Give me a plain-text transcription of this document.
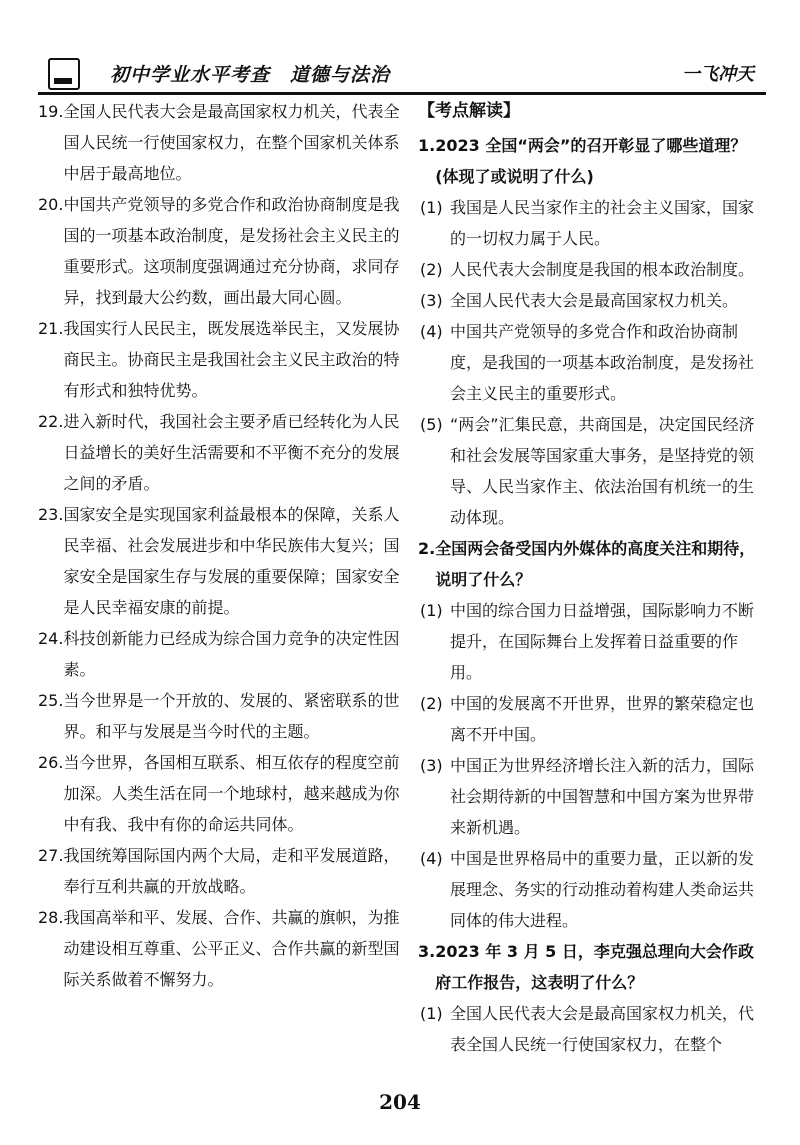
初中学业水平考查　道德与法治	一飞冲天
19. 全国人民代表大会是最高国家权力机关，代表全国人民统一行使国家权力，在整个国家机关体系中居于最高地位。
20. 中国共产党领导的多党合作和政治协商制度是我国的一项基本政治制度，是发扬社会主义民主的重要形式。这项制度强调通过充分协商，求同存异，找到最大公约数，画出最大同心圆。
21. 我国实行人民民主，既发展选举民主，又发展协商民主。协商民主是我国社会主义民主政治的特有形式和独特优势。
22. 进入新时代，我国社会主要矛盾已经转化为人民日益增长的美好生活需要和不平衡不充分的发展之间的矛盾。
23. 国家安全是实现国家利益最根本的保障，关系人民幸福、社会发展进步和中华民族伟大复兴；国家安全是国家生存与发展的重要保障；国家安全是人民幸福安康的前提。
24. 科技创新能力已经成为综合国力竞争的决定性因素。
25. 当今世界是一个开放的、发展的、紧密联系的世界。和平与发展是当今时代的主题。
26. 当今世界，各国相互联系、相互依存的程度空前加深。人类生活在同一个地球村，越来越成为你中有我、我中有你的命运共同体。
27. 我国统筹国际国内两个大局，走和平发展道路，奉行互利共赢的开放战略。
28. 我国高举和平、发展、合作、共赢的旗帜，为推动建设相互尊重、公平正义、合作共赢的新型国际关系做着不懈努力。
【考点解读】
1. 2023 全国“两会”的召开彰显了哪些道理？(体现了或说明了什么)
(1) 我国是人民当家作主的社会主义国家，国家的一切权力属于人民。
(2) 人民代表大会制度是我国的根本政治制度。
(3) 全国人民代表大会是最高国家权力机关。
(4) 中国共产党领导的多党合作和政治协商制度，是我国的一项基本政治制度，是发扬社会主义民主的重要形式。
(5) “两会”汇集民意，共商国是，决定国民经济和社会发展等国家重大事务，是坚持党的领导、人民当家作主、依法治国有机统一的生动体现。
2. 全国两会备受国内外媒体的高度关注和期待，说明了什么？
(1) 中国的综合国力日益增强，国际影响力不断提升，在国际舞台上发挥着日益重要的作用。
(2) 中国的发展离不开世界，世界的繁荣稳定也离不开中国。
(3) 中国正为世界经济增长注入新的活力，国际社会期待新的中国智慧和中国方案为世界带来新机遇。
(4) 中国是世界格局中的重要力量，正以新的发展理念、务实的行动推动着构建人类命运共同体的伟大进程。
3. 2023 年 3 月 5 日，李克强总理向大会作政府工作报告，这表明了什么？
(1) 全国人民代表大会是最高国家权力机关，代表全国人民统一行使国家权力，在整个
204
